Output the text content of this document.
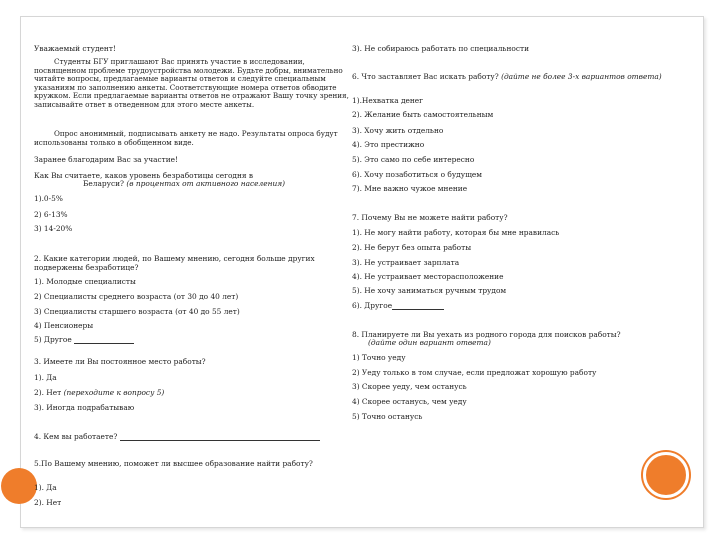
Уважаемый студент!
Студенты БГУ приглашают Вас принять участие в исследовании, посвященном проблеме трудоустройства молодежи. Будьте добры, внимательно читайте вопросы, предлагаемые варианты ответов и следуйте специальным указаниям по заполнению анкеты. Соответствующие номера ответов обводите кружком. Если предлагаемые варианты ответов не отражают Вашу точку зрения, записывайте ответ в отведенном для этого месте анкеты.
Опрос анонимный, подписывать анкету не надо. Результаты опроса будут использованы только в обобщенном виде.
Заранее благодарим Вас за участие!
Как Вы считаете, каков уровень безработицы сегодня в
Беларуси? (в процентах от активного населения)
1).0-5%
2) 6-13%
3) 14-20%
2. Какие категории людей, по Вашему мнению, сегодня больше других подвержены безработице?
1). Молодые специалисты
2) Специалисты среднего возраста (от 30 до 40 лет)
3) Специалисты старшего возраста (от 40 до 55 лет)
4) Пенсионеры
5) Другое
3. Имеете ли Вы постоянное место работы?
1). Да
2). Нет (переходите к вопросу 5)
3). Иногда подрабатываю
4. Кем вы работаете?
5.По Вашему мнению, поможет ли высшее образование найти работу?
1). Да
2). Нет
3). Не собираюсь работать по специальности
6. Что заставляет Вас искать работу? (дайте не более 3-х вариантов ответа)
1).Нехватка денег
2). Желание быть самостоятельным
3). Хочу жить отдельно
4). Это престижно
5). Это само по себе интересно
6). Хочу позаботиться о будущем
7). Мне важно чужое мнение
7. Почему Вы не можете найти работу?
1). Не могу найти работу, которая бы мне нравилась
2). Не берут без опыта работы
3). Не устраивает зарплата
4). Не устраивает месторасположение
5). Не хочу заниматься ручным трудом
6). Другое
8. Планируете ли Вы уехать из родного города для поисков работы?
(дайте один вариант ответа)
1) Точно уеду
2) Уеду только в том случае, если предложат хорошую работу
3) Скорее уеду, чем останусь
4) Скорее останусь, чем уеду
5) Точно останусь
